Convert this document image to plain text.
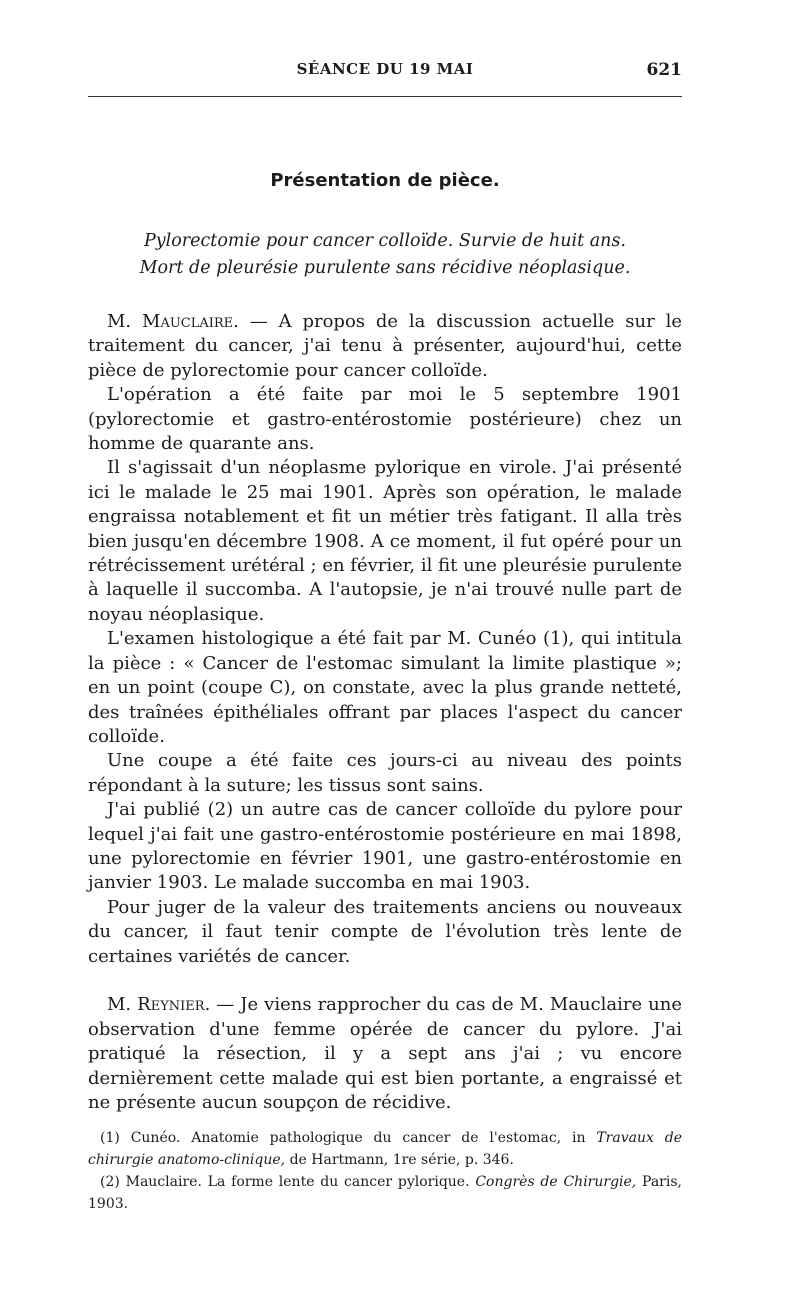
SÉANCE DU 19 MAI	621
Présentation de pièce.
Pylorectomie pour cancer colloïde. Survie de huit ans.
Mort de pleurésie purulente sans récidive néoplasique.

M. Mauclaire. — A propos de la discussion actuelle sur le traitement du cancer, j'ai tenu à présenter, aujourd'hui, cette pièce de pylorectomie pour cancer colloïde.

L'opération a été faite par moi le 5 septembre 1901 (pylorectomie et gastro-entérostomie postérieure) chez un homme de quarante ans.

Il s'agissait d'un néoplasme pylorique en virole. J'ai présenté ici le malade le 25 mai 1901. Après son opération, le malade engraissa notablement et fit un métier très fatigant. Il alla très bien jusqu'en décembre 1908. A ce moment, il fut opéré pour un rétrécissement urétéral ; en février, il fit une pleurésie purulente à laquelle il succomba. A l'autopsie, je n'ai trouvé nulle part de noyau néoplasique.

L'examen histologique a été fait par M. Cunéo (1), qui intitula la pièce : « Cancer de l'estomac simulant la limite plastique »; en un point (coupe C), on constate, avec la plus grande netteté, des traînées épithéliales offrant par places l'aspect du cancer colloïde.

Une coupe a été faite ces jours-ci au niveau des points répondant à la suture; les tissus sont sains.

J'ai publié (2) un autre cas de cancer colloïde du pylore pour lequel j'ai fait une gastro-entérostomie postérieure en mai 1898, une pylorectomie en février 1901, une gastro-entérostomie en janvier 1903. Le malade succomba en mai 1903.

Pour juger de la valeur des traitements anciens ou nouveaux du cancer, il faut tenir compte de l'évolution très lente de certaines variétés de cancer.

M. Reynier. — Je viens rapprocher du cas de M. Mauclaire une observation d'une femme opérée de cancer du pylore. J'ai pratiqué la résection, il y a sept ans j'ai ; vu encore dernièrement cette malade qui est bien portante, a engraissé et ne présente aucun soupçon de récidive.

(1) Cunéo. Anatomie pathologique du cancer de l'estomac, in Travaux de chirurgie anatomo-clinique, de Hartmann, 1re série, p. 346.

(2) Mauclaire. La forme lente du cancer pylorique. Congrès de Chirurgie, Paris, 1903.
